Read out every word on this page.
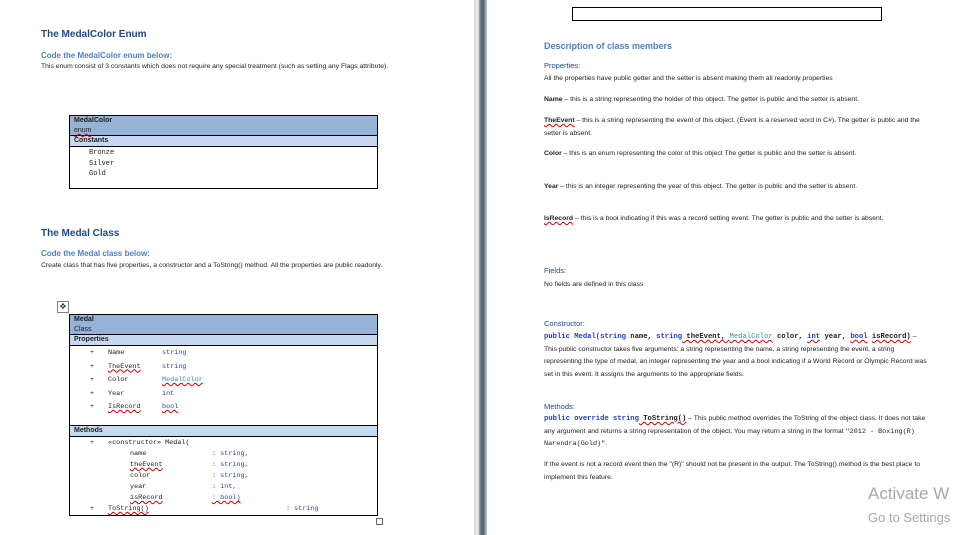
The MedalColor Enum
Code the MedalColor enum below:
This enum consist of 3 constants which does not require any special treatment (such as setting any Flags attribute).
MedalColor
enum

Constants

Bronze
Silver
Gold
The Medal Class
Code the Medal class below:
Create class that has five properties, a constructor and a ToString() method. All the properties are public readonly.
✥
Medal
Class

Properties

+ Name	string
+ TheEvent	string
+ Color	MedalColor
+ Year	int
+ IsRecord	bool

Methods

+ «constructor» Medal(
name	: string,
theEvent	: string,
color	: string,
year	: int,
isRecord	: bool)
+ ToString()	: string
Description of class members
Properties:
All the properties have public getter and the setter is absent making them all readonly properties
Name – this is a string representing the holder of this object. The getter is public and the setter is absent.
TheEvent – this is a string representing the event of this object. (Event is a reserved word in C#). The getter is public and the setter is absent.
Color – this is an enum representing the color of this object The getter is public and the setter is absent.
Year – this is an integer representing the year of this object. The getter is public and the setter is absent.
IsRecord – this is a bool indicating if this was a record setting event. The getter is public and the setter is absent.
Fields:
No fields are defined in this class
Constructor:
public Medal(string name, string theEvent, MedalColor color, int year, bool isRecord) – This public constructor takes five arguments: a string representing the name, a string representing the event, a string representing the type of medal, an integer representing the year and a bool indicating if a World Record or Olympic Record was set in this event. It assigns the arguments to the appropriate fields.
Methods:
public override string ToString() – This public method overrides the ToString of the object class. It does not take any argument and returns a string representation of the object. You may return a string in the format "2012 - Boxing(R) Narendra(Gold)".
If the event is not a record event then the "(R)" should not be present in the output. The ToString() method is the best place to implement this feature.
Activate W
Go to Settings
